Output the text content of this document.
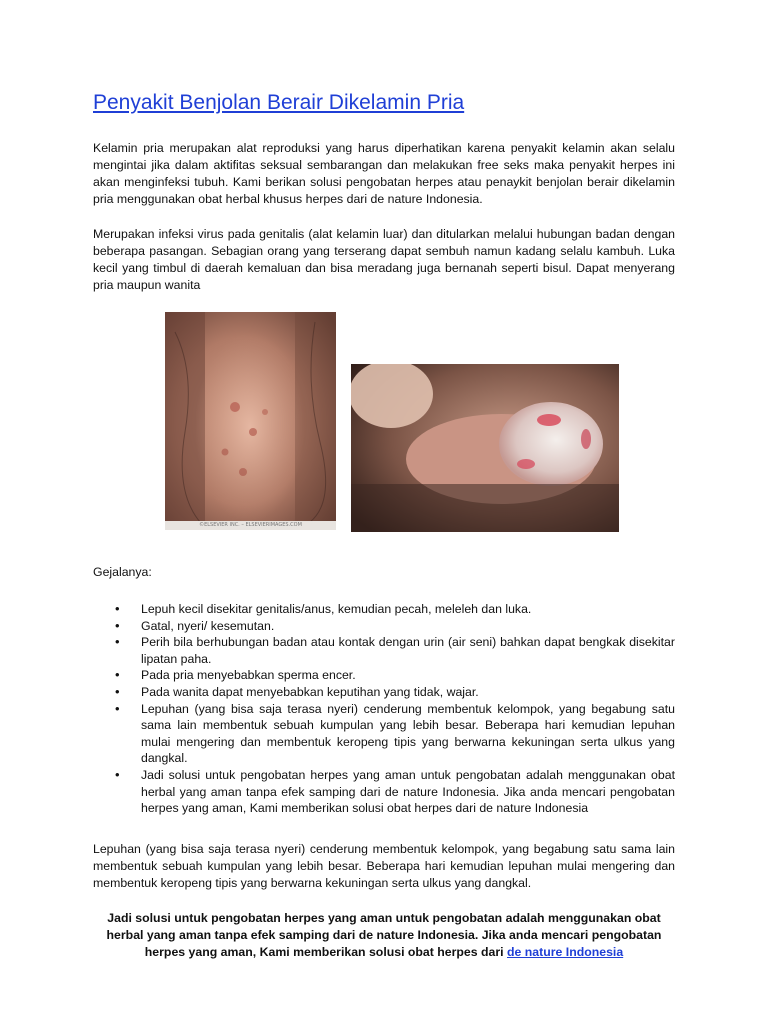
Penyakit Benjolan Berair Dikelamin Pria

Kelamin pria merupakan alat reproduksi yang harus diperhatikan karena penyakit kelamin akan selalu mengintai jika dalam aktifitas seksual sembarangan dan melakukan free seks maka penyakit herpes ini akan menginfeksi tubuh. Kami berikan solusi pengobatan herpes atau penaykit benjolan berair dikelamin pria menggunakan obat herbal khusus herpes dari de nature Indonesia.

Merupakan infeksi virus pada genitalis (alat kelamin luar) dan ditularkan melalui hubungan badan dengan beberapa pasangan. Sebagian orang yang terserang dapat sembuh namun kadang selalu kambuh. Luka kecil yang timbul di daerah kemaluan dan bisa meradang juga bernanah seperti bisul. Dapat menyerang pria maupun wanita

©ELSEVIER INC. – ELSEVIERIMAGES.COM

Gejalanya:

• Lepuh kecil disekitar genitalis/anus, kemudian pecah, meleleh dan luka.
• Gatal, nyeri/ kesemutan.
• Perih bila berhubungan badan atau kontak dengan urin (air seni) bahkan dapat bengkak disekitar lipatan paha.
• Pada pria menyebabkan sperma encer.
• Pada wanita dapat menyebabkan keputihan yang tidak, wajar.
• Lepuhan (yang bisa saja terasa nyeri) cenderung membentuk kelompok, yang begabung satu sama lain membentuk sebuah kumpulan yang lebih besar. Beberapa hari kemudian lepuhan mulai mengering dan membentuk keropeng tipis yang berwarna kekuningan serta ulkus yang dangkal.
• Jadi solusi untuk pengobatan herpes yang aman untuk pengobatan adalah menggunakan obat herbal yang aman tanpa efek samping dari de nature Indonesia. Jika anda mencari pengobatan herpes yang aman, Kami memberikan solusi obat herpes dari de nature Indonesia

Lepuhan (yang bisa saja terasa nyeri) cenderung membentuk kelompok, yang begabung satu sama lain membentuk sebuah kumpulan yang lebih besar. Beberapa hari kemudian lepuhan mulai mengering dan membentuk keropeng tipis yang berwarna kekuningan serta ulkus yang dangkal.

Jadi solusi untuk pengobatan herpes yang aman untuk pengobatan adalah menggunakan obat herbal yang aman tanpa efek samping dari de nature Indonesia. Jika anda mencari pengobatan herpes yang aman, Kami memberikan solusi obat herpes dari de nature Indonesia
